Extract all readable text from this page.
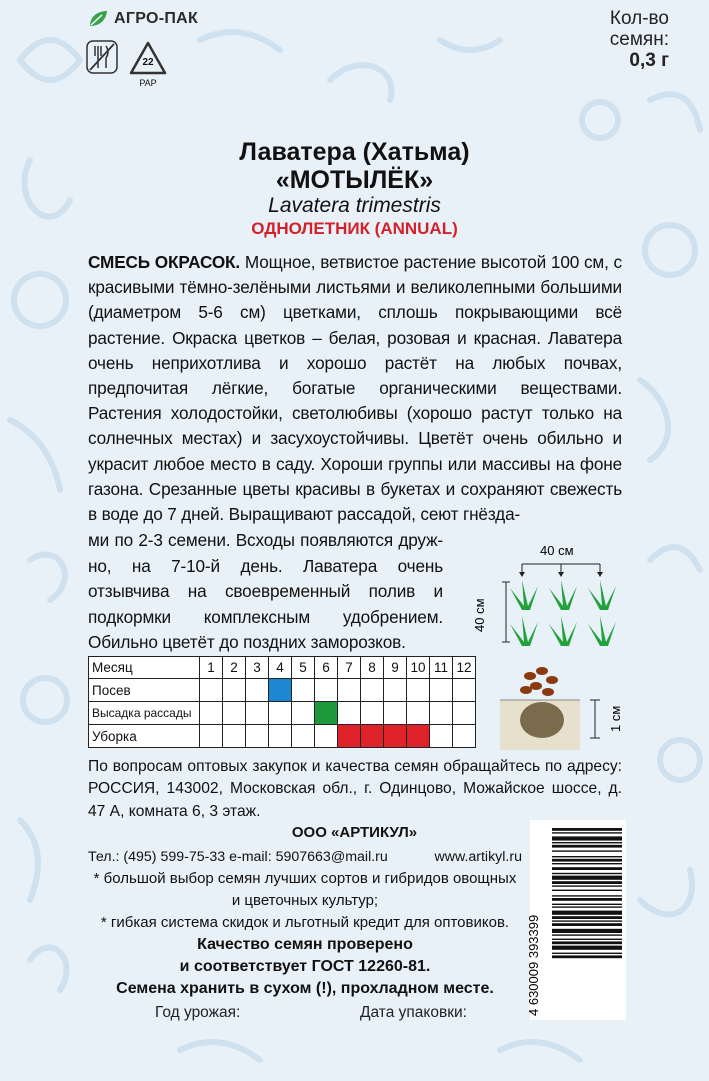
АГРО-ПАК
22
PAP
Кол-во
семян:
0,3 г
Лаватера (Хатьма)
«МОТЫЛЁК»
Lavatera trimestris
ОДНОЛЕТНИК (ANNUAL)
СМЕСЬ ОКРАСОК. Мощное, ветвистое растение высотой 100 см, с красивыми тёмно-зелёными листьями и великолепными большими (диаметром 5-6 см) цветками, сплошь покрывающими всё растение. Окраска цветков – белая, розовая и красная. Лаватера очень неприхотлива и хорошо растёт на любых почвах, предпочитая лёгкие, богатые органическими веществами. Растения холодостойки, светолюбивы (хорошо растут только на солнечных местах) и засухоустойчивы. Цветёт очень обильно и украсит любое место в саду. Хороши группы или массивы на фоне газона. Срезанные цветы красивы в букетах и сохраняют свежесть в воде до 7 дней. Выращивают рассадой, сеют гнёзда-
ми по 2-3 семени. Всходы появляются друж-но, на 7-10-й день. Лаватера очень отзывчива на своевременный полив и подкормки комплексным удобрением. Обильно цветёт до поздних заморозков.
40 см
40 см
Месяц	1	2	3	4	5	6	7	8	9	10	11	12
Посев												
Высадка рассады												
Уборка												
1 см
По вопросам оптовых закупок и качества семян обращайтесь по адресу: РОССИЯ, 143002, Московская обл., г. Одинцово, Можайское шоссе, д. 47 А, комната 6, 3 этаж.
ООО «АРТИКУЛ»
Тел.: (495) 599-75-33 e-mail: 5907663@mail.ru	www.artikyl.ru
* большой выбор семян лучших сортов и гибридов овощных и цветочных культур;
* гибкая система скидок и льготный кредит для оптовиков.
Качество семян проверено
и соответствует ГОСТ 12260-81.
Семена хранить в сухом (!), прохладном месте.
Год урожая:	Дата упаковки:	4 630009 393399
